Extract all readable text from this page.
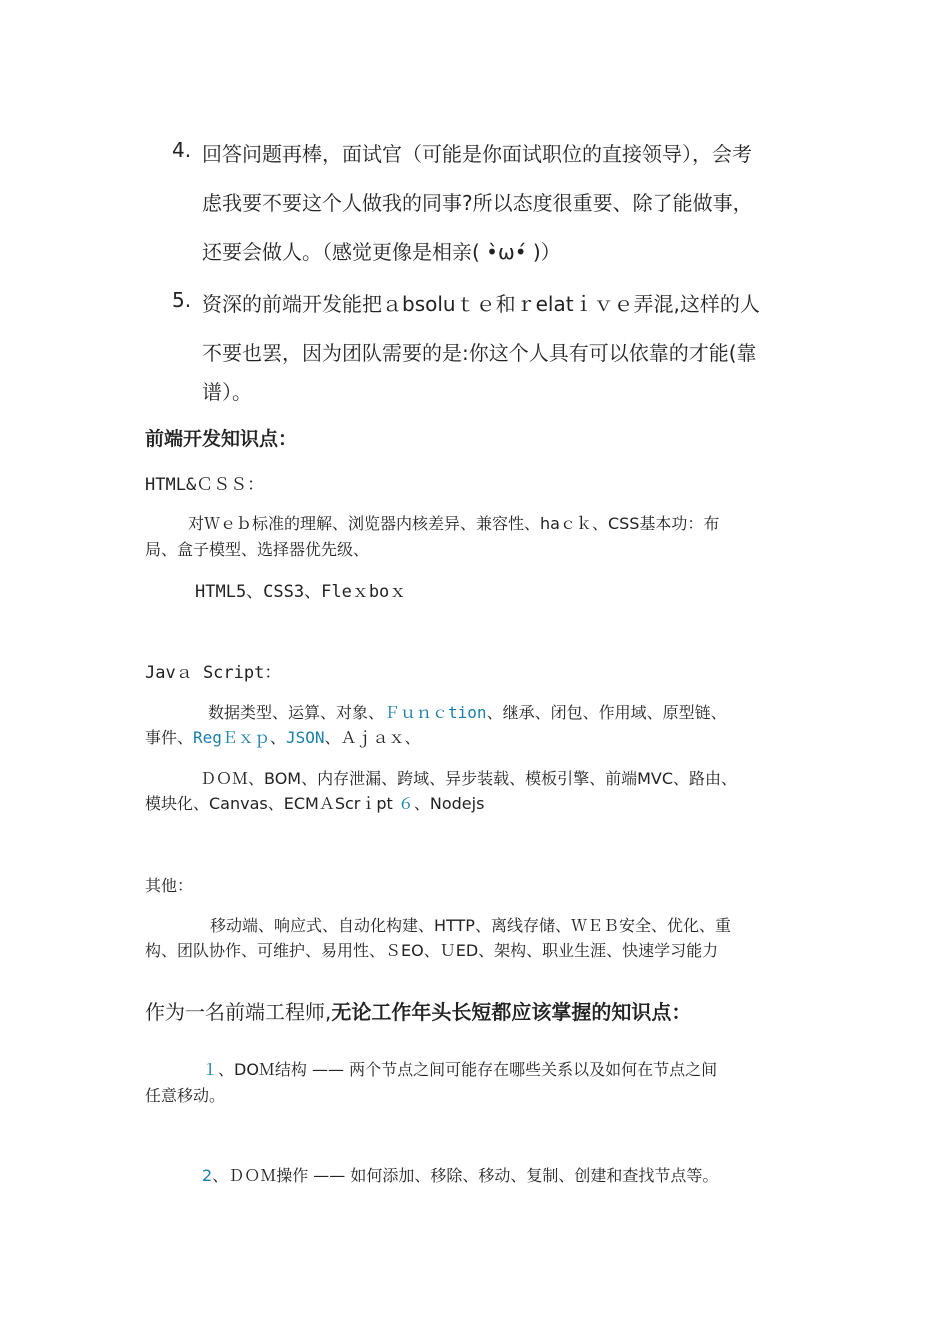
4. 回答问题再棒，面试官（可能是你面试职位的直接领导），会考
虑我要不要这个人做我的同事?所以态度很重要、除了能做事，
还要会做人。（感觉更像是相亲( •̀ω•́ )）
5. 资深的前端开发能把ａbsoluｔｅ和ｒelatｉｖｅ弄混,这样的人
不要也罢，因为团队需要的是:你这个人具有可以依靠的才能(靠
谱）。
前端开发知识点：
HTML&ＣＳＳ：
对Ｗｅｂ标准的理解、浏览器内核差异、兼容性、haｃｋ、CSS基本功：布
局、盒子模型、选择器优先级、
HTML5、CSS3、Fleｘboｘ
Javａ Script：
数据类型、运算、对象、Ｆｕｎｃtion、继承、闭包、作用域、原型链、
事件、RegＥｘｐ、JSON、Ａｊａｘ、
ＤＯＭ、BOM、内存泄漏、跨域、异步装载、模板引擎、前端MVC、路由、
模块化、Canvas、ECMＡScrｉpt ６、Nodejs
其他：
移动端、响应式、自动化构建、HTTP、离线存储、ＷＥＢ安全、优化、重
构、团队协作、可维护、易用性、ＳEO、ＵED、架构、职业生涯、快速学习能力
作为一名前端工程师,无论工作年头长短都应该掌握的知识点：
１、DOＭ结构 —— 两个节点之间可能存在哪些关系以及如何在节点之间
任意移动。
2、ＤＯＭ操作 —— 如何添加、移除、移动、复制、创建和查找节点等。
